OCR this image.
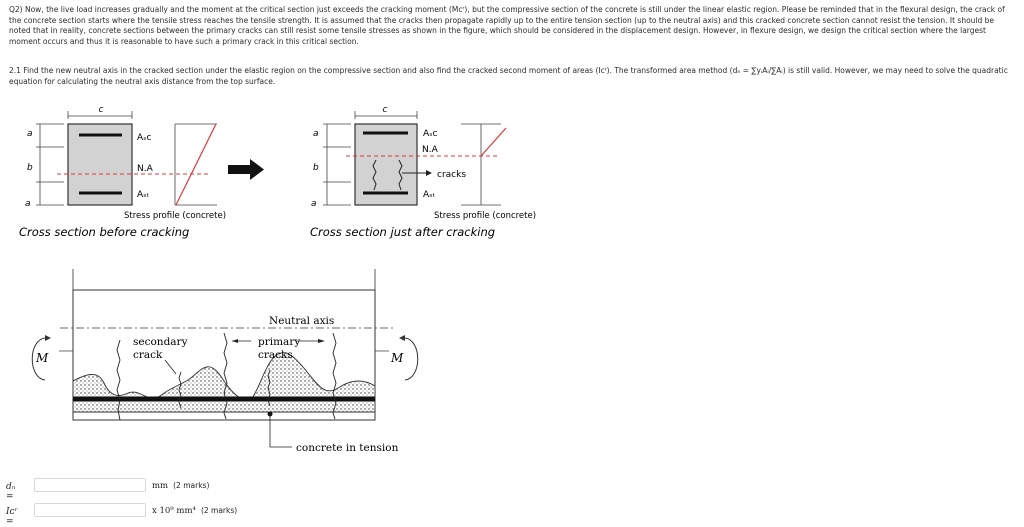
Q2) Now, the live load increases gradually and the moment at the critical section just exceeds the cracking moment (Mᴄʳ), but the compressive section of the concrete is still under the linear elastic region. Please be reminded that in the flexural design, the crack of the concrete section starts where the tensile stress reaches the tensile strength. It is assumed that the cracks then propagate rapidly up to the entire tension section (up to the neutral axis) and this cracked concrete section cannot resist the tension. It should be noted that in reality, concrete sections between the primary cracks can still resist some tensile stresses as shown in the figure, which should be considered in the displacement design. However, in flexure design, we design the critical section where the largest moment occurs and thus it is reasonable to have such a primary crack in this critical section.

2.1 Find the new neutral axis in the cracked section under the elastic region on the compressive section and also find the cracked second moment of areas (Iᴄʳ). The transformed area method (dₙ = ∑yᵢAᵢ/∑Aᵢ) is still valid. However, we may need to solve the quadratic equation for calculating the neutral axis distance from the top surface.

c
a
b
a
Aₛᴄ
N.A
Aₛₜ
Stress profile (concrete)
Cross section before cracking
c
a
b
a
Aₛᴄ
N.A
cracks
Aₛₜ
Stress profile (concrete)
Cross section just after cracking
Neutral axis
secondary
crack
primary
cracks
concrete in tension
M	M
dₙ =
mm (2 marks)
Iᴄʳ =
x 10⁹ mm⁴ (2 marks)
